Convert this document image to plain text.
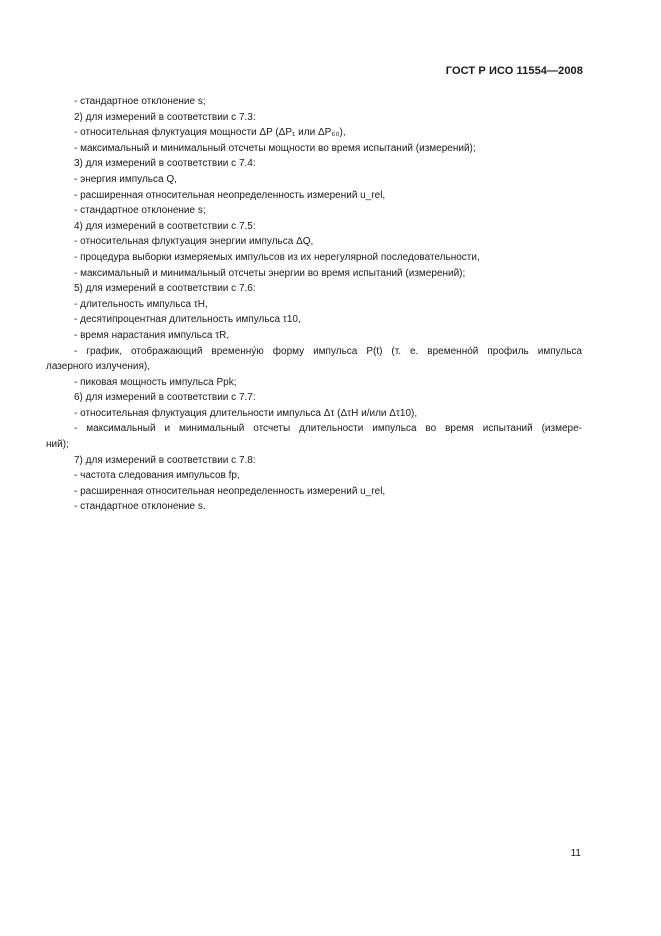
ГОСТ Р ИСО 11554—2008
- стандартное отклонение s;
2) для измерений в соответствии с 7.3:
- относительная флуктуация мощности ΔP (ΔP₁ или ΔP₆₀),
- максимальный и минимальный отсчеты мощности во время испытаний (измерений);
3) для измерений в соответствии с 7.4:
- энергия импульса Q,
- расширенная относительная неопределенность измерений u_rel,
- стандартное отклонение s;
4) для измерений в соответствии с 7.5:
- относительная флуктуация энергии импульса ΔQ,
- процедура выборки измеряемых импульсов из их нерегулярной последовательности,
- максимальный и минимальный отсчеты энергии во время испытаний (измерений);
5) для измерений в соответствии с 7.6:
- длительность импульса τH,
- десятипроцентная длительность импульса τ10,
- время нарастания импульса τR,
- график, отображающий временну́ю форму импульса P(t) (т. е. временно́й профиль импульса
лазерного излучения),
- пиковая мощность импульса Ppk;
6) для измерений в соответствии с 7.7:
- относительная флуктуация длительности импульса Δτ (ΔτH и/или Δτ10),
- максимальный и минимальный отсчеты длительности импульса во время испытаний (измере-
ний);
7) для измерений в соответствии с 7.8:
- частота следования импульсов fp,
- расширенная относительная неопределенность измерений u_rel,
- стандартное отклонение s.
11
